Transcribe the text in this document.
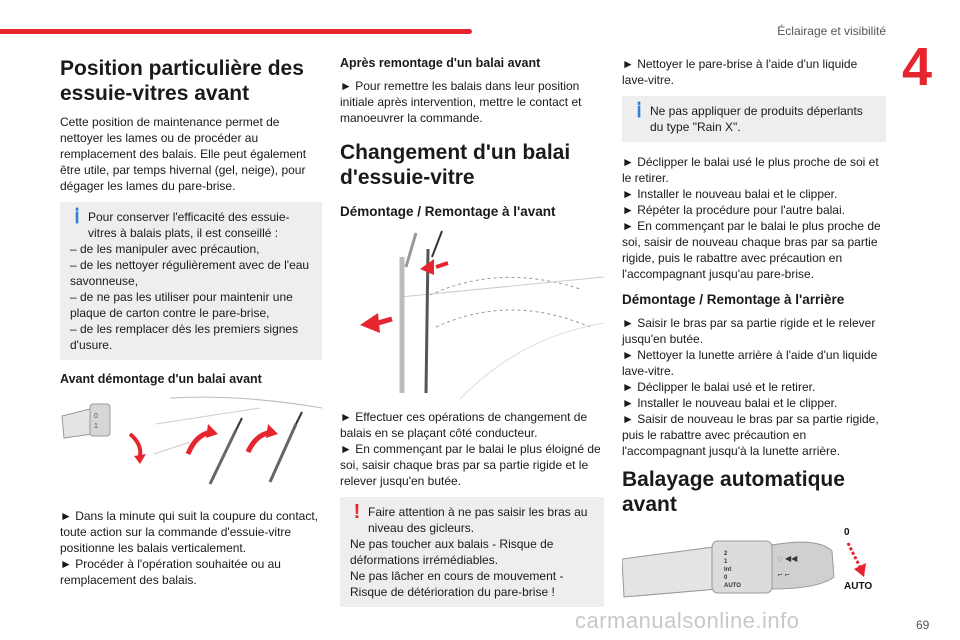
Éclairage et visibilité
4
carmanualsonline.info	69
Position particulière des essuie-vitres avant

Cette position de maintenance permet de nettoyer les lames ou de procéder au remplacement des balais. Elle peut également être utile, par temps hivernal (gel, neige), pour dégager les lames du pare-brise.

ⅰ Pour conserver l'efficacité des essuie-vitres à balais plats, il est conseillé :
– de les manipuler avec précaution,
– de les nettoyer régulièrement avec de l'eau savonneuse,
– de ne pas les utiliser pour maintenir une plaque de carton contre le pare-brise,
– de les remplacer dès les premiers signes d'usure.
Avant démontage d'un balai avant
0
1

► Dans la minute qui suit la coupure du contact, toute action sur la commande d'essuie-vitre positionne les balais verticalement.

► Procéder à l'opération souhaitée ou au remplacement des balais.

Après remontage d'un balai avant

► Pour remettre les balais dans leur position initiale après intervention, mettre le contact et manoeuvrer la commande.

Changement d'un balai d'essuie-vitre
Démontage / Remontage à l'avant

► Effectuer ces opérations de changement de balais en se plaçant côté conducteur.

► En commençant par le balai le plus éloigné de soi, saisir chaque bras par sa partie rigide et le relever jusqu'en butée.

! Faire attention à ne pas saisir les bras au niveau des gicleurs.
Ne pas toucher aux balais - Risque de déformations irrémédiables.
Ne pas lâcher en cours de mouvement - Risque de détérioration du pare-brise !

► Nettoyer le pare-brise à l'aide d'un liquide lave-vitre.

ⅰ Ne pas appliquer de produits déperlants du type "Rain X".

► Déclipper le balai usé le plus proche de soi et le retirer.
► Installer le nouveau balai et le clipper.
► Répéter la procédure pour l'autre balai.
► En commençant par le balai le plus proche de soi, saisir de nouveau chaque bras par sa partie rigide, puis le rabattre avec précaution en l'accompagnant jusqu'au pare-brise.

Démontage / Remontage à l'arrière

► Saisir le bras par sa partie rigide et le relever jusqu'en butée.
► Nettoyer la lunette arrière à l'aide d'un liquide lave-vitre.
► Déclipper le balai usé et le retirer.
► Installer le nouveau balai et le clipper.
► Saisir de nouveau le bras par sa partie rigide, puis le rabattre avec précaution en l'accompagnant jusqu'à la lunette arrière.

Balayage automatique avant
2
1
Int
0
AUTO
◌ ◀◀
⌐ ⌐
0
AUTO
